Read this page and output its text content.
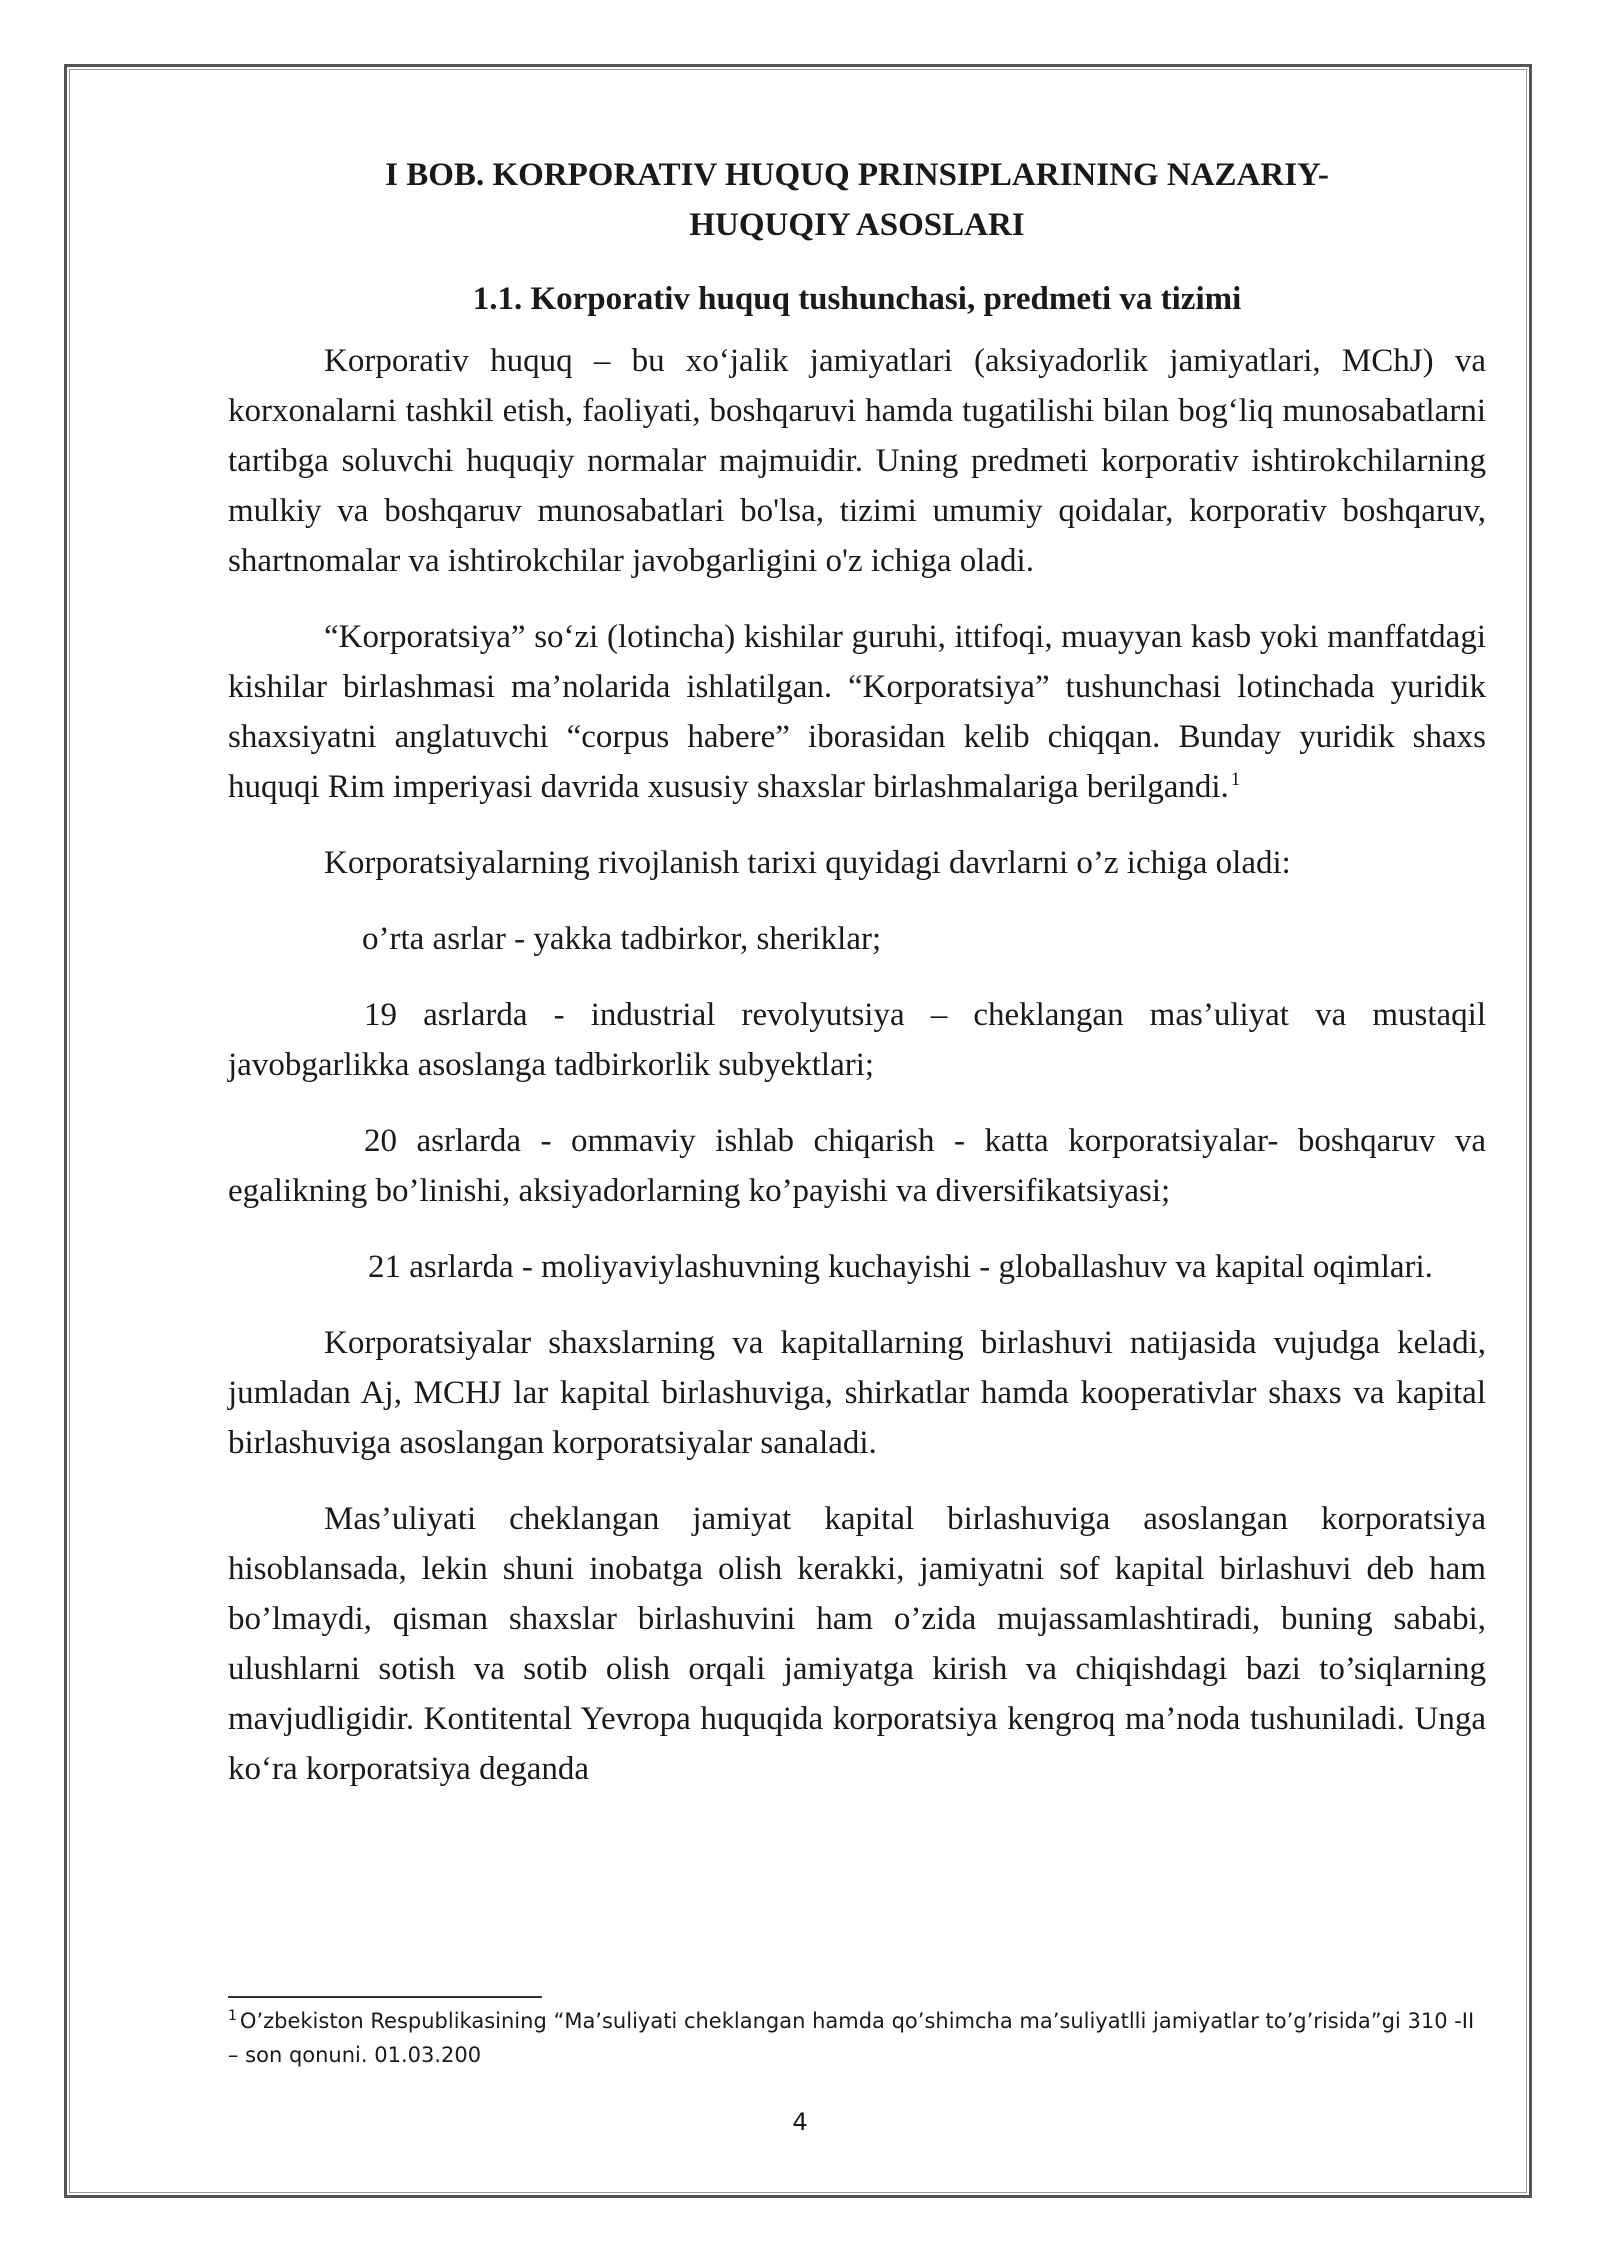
I BOB. KORPORATIV HUQUQ PRINSIPLARINING NAZARIY-
HUQUQIY ASOSLARI
1.1. Korporativ huquq tushunchasi, predmeti va tizimi

Korporativ huquq – bu xo‘jalik jamiyatlari (aksiyadorlik jamiyatlari, MChJ) va korxonalarni tashkil etish, faoliyati, boshqaruvi hamda tugatilishi bilan bog‘liq munosabatlarni tartibga soluvchi huquqiy normalar majmuidir. Uning predmeti korporativ ishtirokchilarning mulkiy va boshqaruv munosabatlari bo'lsa, tizimi umumiy qoidalar, korporativ boshqaruv, shartnomalar va ishtirokchilar javobgarligini o'z ichiga oladi.

“Korporatsiya” so‘zi (lotincha) kishilar guruhi, ittifoqi, muayyan kasb yoki manffatdagi kishilar birlashmasi ma’nolarida ishlatilgan. “Korporatsiya” tushunchasi lotinchada yuridik shaxsiyatni anglatuvchi “corpus habere” iborasidan kelib chiqqan. Bunday yuridik shaxs huquqi Rim imperiyasi davrida xususiy shaxslar birlashmalariga berilgandi. $^1$

Korporatsiyalarning rivojlanish tarixi quyidagi davrlarni o’z ichiga oladi:

o’rta asrlar - yakka tadbirkor, sheriklar;

19 asrlarda - industrial revolyutsiya – cheklangan mas’uliyat va mustaqil javobgarlikka asoslanga tadbirkorlik subyektlari;

20 asrlarda - ommaviy ishlab chiqarish - katta korporatsiyalar- boshqaruv va egalikning bo’linishi, aksiyadorlarning ko’payishi va diversifikatsiyasi;

21 asrlarda - moliyaviylashuvning kuchayishi - globallashuv va kapital oqimlari.

Korporatsiyalar shaxslarning va kapitallarning birlashuvi natijasida vujudga keladi, jumladan Aj, MCHJ lar kapital birlashuviga, shirkatlar hamda kooperativlar shaxs va kapital birlashuviga asoslangan korporatsiyalar sanaladi.

Mas’uliyati cheklangan jamiyat kapital birlashuviga asoslangan korporatsiya hisoblansada, lekin shuni inobatga olish kerakki, jamiyatni sof kapital birlashuvi deb ham bo’lmaydi, qisman shaxslar birlashuvini ham o’zida mujassamlashtiradi, buning sababi, ulushlarni sotish va sotib olish orqali jamiyatga kirish va chiqishdagi bazi to’siqlarning mavjudligidir. Kontitental Yevropa huquqida korporatsiya kengroq ma’noda tushuniladi. Unga ko‘ra korporatsiya deganda

$^1$ O’zbekiston Respublikasining “Ma’suliyati cheklangan hamda qo’shimcha ma’suliyatlli jamiyatlar to’g’risida”gi 310 -II – son qonuni. 01.03.200

4
